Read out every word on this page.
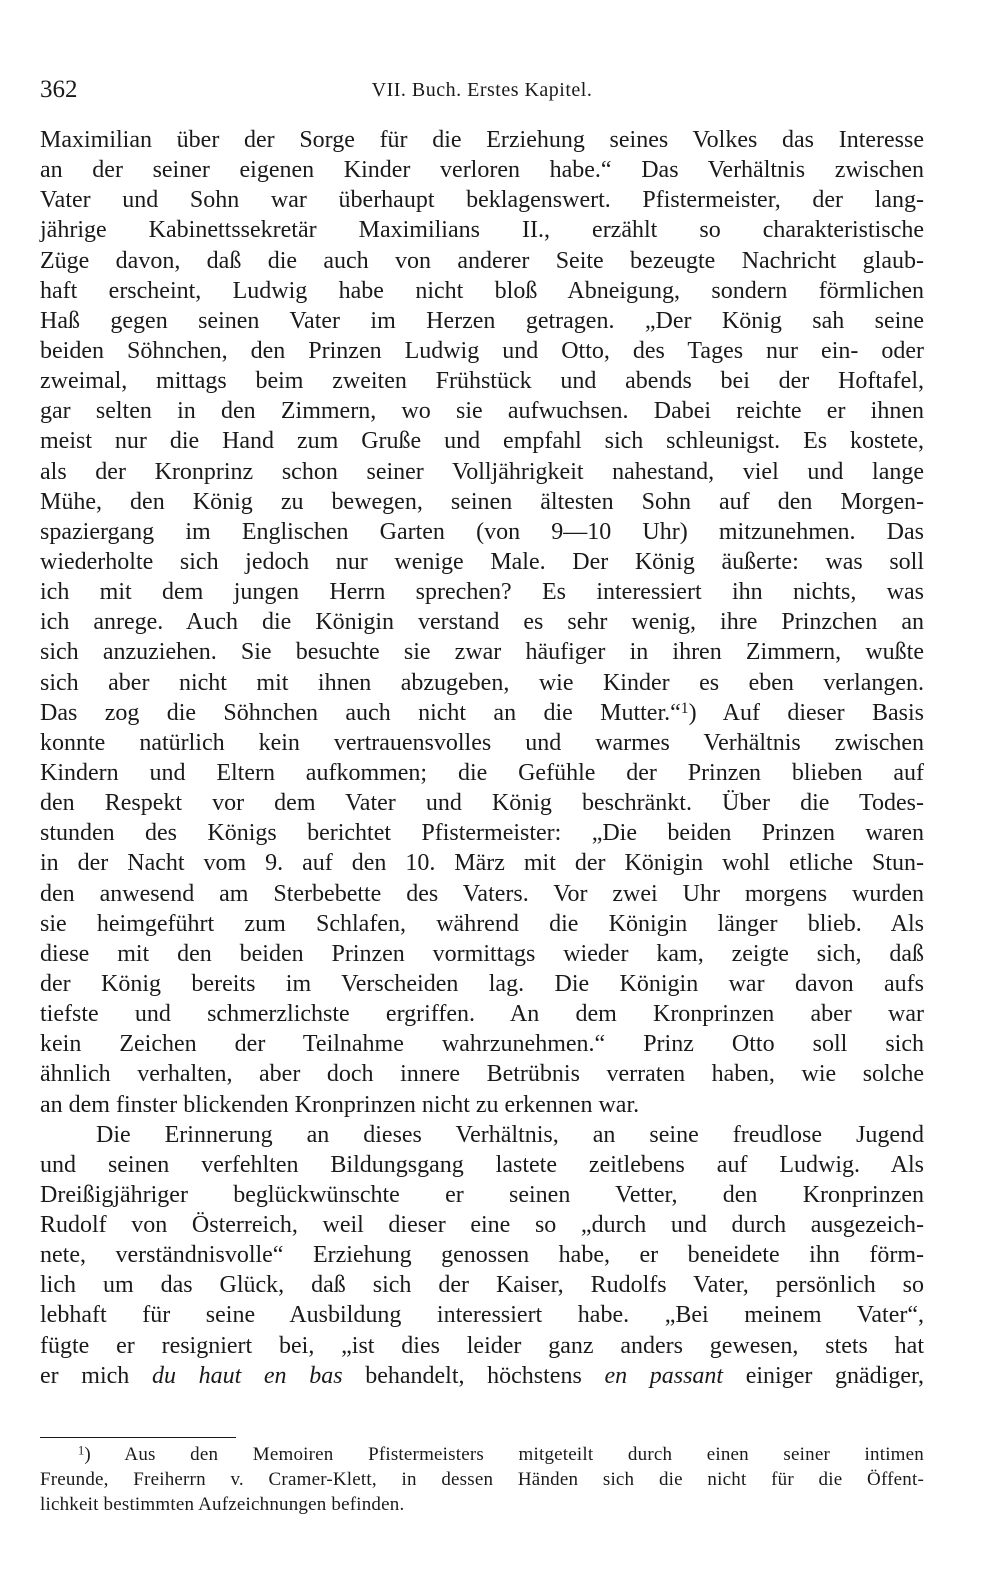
362	VII. Buch. Erstes Kapitel.
Maximilian über der Sorge für die Erziehung seines Volkes das Interesse
an der seiner eigenen Kinder verloren habe.“ Das Verhältnis zwischen
Vater und Sohn war überhaupt beklagenswert. Pfistermeister, der lang-
jährige Kabinettssekretär Maximilians II., erzählt so charakteristische
Züge davon, daß die auch von anderer Seite bezeugte Nachricht glaub-
haft erscheint, Ludwig habe nicht bloß Abneigung, sondern förmlichen
Haß gegen seinen Vater im Herzen getragen. „Der König sah seine
beiden Söhnchen, den Prinzen Ludwig und Otto, des Tages nur ein- oder
zweimal, mittags beim zweiten Frühstück und abends bei der Hoftafel,
gar selten in den Zimmern, wo sie aufwuchsen. Dabei reichte er ihnen
meist nur die Hand zum Gruße und empfahl sich schleunigst. Es kostete,
als der Kronprinz schon seiner Volljährigkeit nahestand, viel und lange
Mühe, den König zu bewegen, seinen ältesten Sohn auf den Morgen-
spaziergang im Englischen Garten (von 9—10 Uhr) mitzunehmen. Das
wiederholte sich jedoch nur wenige Male. Der König äußerte: was soll
ich mit dem jungen Herrn sprechen? Es interessiert ihn nichts, was
ich anrege. Auch die Königin verstand es sehr wenig, ihre Prinzchen an
sich anzuziehen. Sie besuchte sie zwar häufiger in ihren Zimmern, wußte
sich aber nicht mit ihnen abzugeben, wie Kinder es eben verlangen.
Das zog die Söhnchen auch nicht an die Mutter.“$^1$) Auf dieser Basis
konnte natürlich kein vertrauensvolles und warmes Verhältnis zwischen
Kindern und Eltern aufkommen; die Gefühle der Prinzen blieben auf
den Respekt vor dem Vater und König beschränkt. Über die Todes-
stunden des Königs berichtet Pfistermeister: „Die beiden Prinzen waren
in der Nacht vom 9. auf den 10. März mit der Königin wohl etliche Stun-
den anwesend am Sterbebette des Vaters. Vor zwei Uhr morgens wurden
sie heimgeführt zum Schlafen, während die Königin länger blieb. Als
diese mit den beiden Prinzen vormittags wieder kam, zeigte sich, daß
der König bereits im Verscheiden lag. Die Königin war davon aufs
tiefste und schmerzlichste ergriffen. An dem Kronprinzen aber war
kein Zeichen der Teilnahme wahrzunehmen.“ Prinz Otto soll sich
ähnlich verhalten, aber doch innere Betrübnis verraten haben, wie solche
an dem finster blickenden Kronprinzen nicht zu erkennen war.
Die Erinnerung an dieses Verhältnis, an seine freudlose Jugend
und seinen verfehlten Bildungsgang lastete zeitlebens auf Ludwig. Als
Dreißigjähriger beglückwünschte er seinen Vetter, den Kronprinzen
Rudolf von Österreich, weil dieser eine so „durch und durch ausgezeich-
nete, verständnisvolle“ Erziehung genossen habe, er beneidete ihn förm-
lich um das Glück, daß sich der Kaiser, Rudolfs Vater, persönlich so
lebhaft für seine Ausbildung interessiert habe. „Bei meinem Vater“,
fügte er resigniert bei, „ist dies leider ganz anders gewesen, stets hat
er mich du haut en bas behandelt, höchstens en passant einiger gnädiger,
$^1$) Aus den Memoiren Pfistermeisters mitgeteilt durch einen seiner intimen
Freunde, Freiherrn v. Cramer-Klett, in dessen Händen sich die nicht für die Öffent-
lichkeit bestimmten Aufzeichnungen befinden.
